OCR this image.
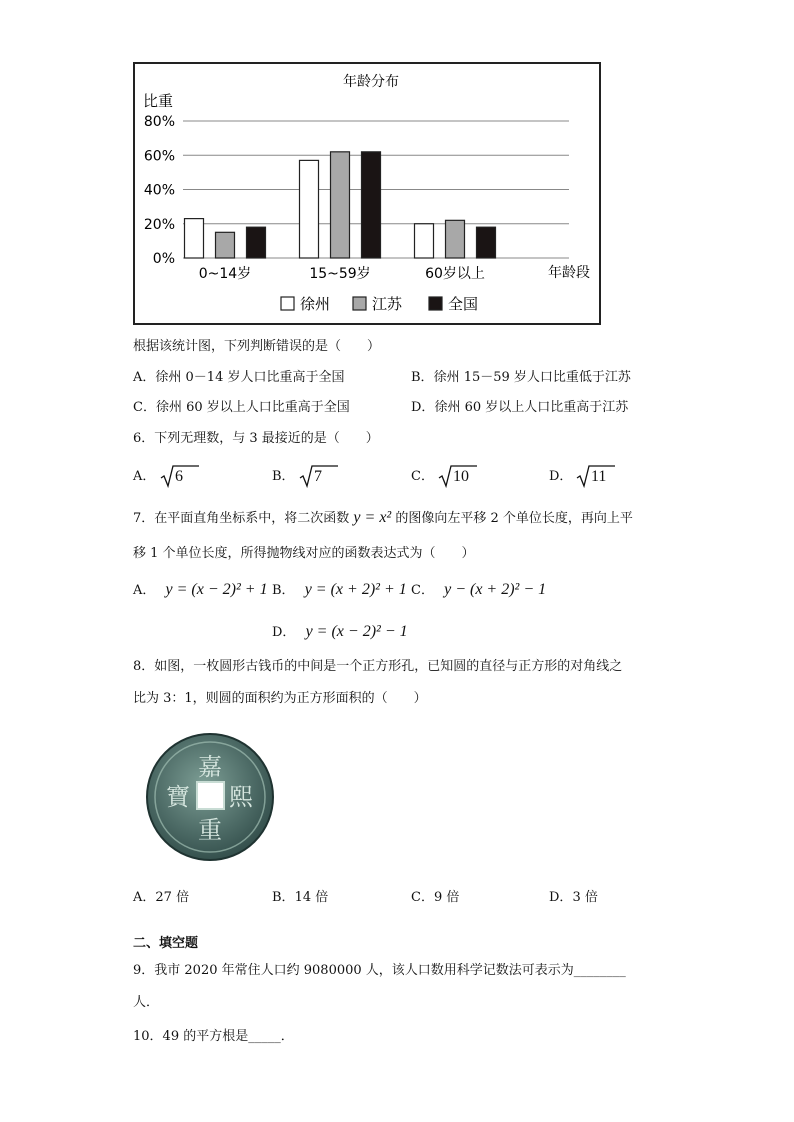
年龄分布
比重
年龄段
0%
20%
40%
60%
80%
0~14岁	15~59岁	60岁以上
徐州	江苏	全国
根据该统计图，下列判断错误的是（　　）
A．徐州 0－14 岁人口比重高于全国	B．徐州 15－59 岁人口比重低于江苏
C．徐州 60 岁以上人口比重高于全国	D．徐州 60 岁以上人口比重高于江苏
6．下列无理数，与 3 最接近的是（　　）
A． 6	B． 7	C． 10	D． 11
7．在平面直角坐标系中，将二次函数 y = x² 的图像向左平移 2 个单位长度，再向上平
移 1 个单位长度，所得抛物线对应的函数表达式为（　　）
A． y = (x − 2)² + 1 B． y = (x + 2)² + 1 C． y − (x + 2)² − 1
D． y = (x − 2)² − 1
8．如图，一枚圆形古钱币的中间是一个正方形孔，已知圆的直径与正方形的对角线之
比为 3：1，则圆的面积约为正方形面积的（　　）
嘉
熙
重
寶
A．27 倍	B．14 倍	C．9 倍	D．3 倍
二、填空题
9．我市 2020 年常住人口约 9080000 人，该人口数用科学记数法可表示为________
人．
10．49 的平方根是_____．
